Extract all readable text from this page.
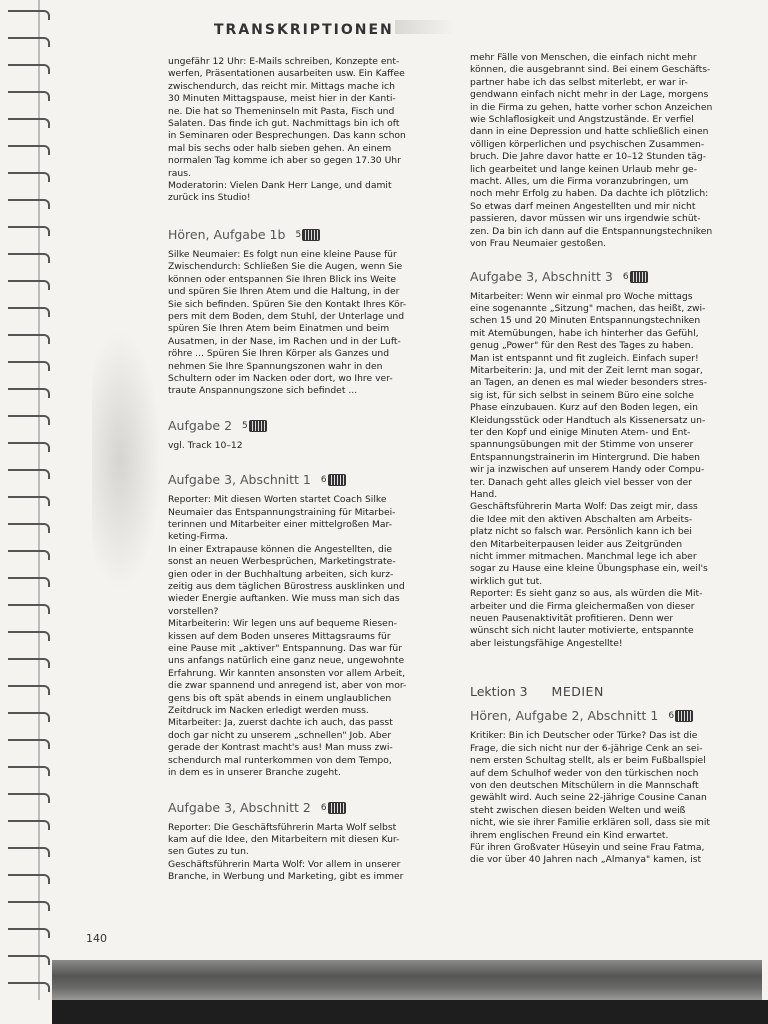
TRANSKRIPTIONEN

ungefähr 12 Uhr: E-Mails schreiben, Konzepte ent-

werfen, Präsentationen ausarbeiten usw. Ein Kaffee

zwischendurch, das reicht mir. Mittags mache ich

30 Minuten Mittagspause, meist hier in der Kanti-

ne. Die hat so Themeninseln mit Pasta, Fisch und

Salaten. Das finde ich gut. Nachmittags bin ich oft

in Seminaren oder Besprechungen. Das kann schon

mal bis sechs oder halb sieben gehen. An einem

normalen Tag komme ich aber so gegen 17.30 Uhr

raus.

Moderatorin: Vielen Dank Herr Lange, und damit

zurück ins Studio!

Hören, Aufgabe 1b 5

Silke Neumaier: Es folgt nun eine kleine Pause für

Zwischendurch: Schließen Sie die Augen, wenn Sie

können oder entspannen Sie Ihren Blick ins Weite

und spüren Sie Ihren Atem und die Haltung, in der

Sie sich befinden. Spüren Sie den Kontakt Ihres Kör-

pers mit dem Boden, dem Stuhl, der Unterlage und

spüren Sie Ihren Atem beim Einatmen und beim

Ausatmen, in der Nase, im Rachen und in der Luft-

röhre ... Spüren Sie Ihren Körper als Ganzes und

nehmen Sie Ihre Spannungszonen wahr in den

Schultern oder im Nacken oder dort, wo Ihre ver-

traute Anspannungszone sich befindet ...

Aufgabe 2 5

vgl. Track 10–12

Aufgabe 3, Abschnitt 1 6

Reporter: Mit diesen Worten startet Coach Silke

Neumaier das Entspannungstraining für Mitarbei-

terinnen und Mitarbeiter einer mittelgroßen Mar-

keting-Firma.

In einer Extrapause können die Angestellten, die

sonst an neuen Werbesprüchen, Marketingstrate-

gien oder in der Buchhaltung arbeiten, sich kurz-

zeitig aus dem täglichen Bürostress ausklinken und

wieder Energie auftanken. Wie muss man sich das

vorstellen?

Mitarbeiterin: Wir legen uns auf bequeme Riesen-

kissen auf dem Boden unseres Mittagsraums für

eine Pause mit „aktiver" Entspannung. Das war für

uns anfangs natürlich eine ganz neue, ungewohnte

Erfahrung. Wir kannten ansonsten vor allem Arbeit,

die zwar spannend und anregend ist, aber von mor-

gens bis oft spät abends in einem unglaublichen

Zeitdruck im Nacken erledigt werden muss.

Mitarbeiter: Ja, zuerst dachte ich auch, das passt

doch gar nicht zu unserem „schnellen" Job. Aber

gerade der Kontrast macht's aus! Man muss zwi-

schendurch mal runterkommen von dem Tempo,

in dem es in unserer Branche zugeht.

Aufgabe 3, Abschnitt 2 6

Reporter: Die Geschäftsführerin Marta Wolf selbst

kam auf die Idee, den Mitarbeitern mit diesen Kur-

sen Gutes zu tun.

Geschäftsführerin Marta Wolf: Vor allem in unserer

Branche, in Werbung und Marketing, gibt es immer

mehr Fälle von Menschen, die einfach nicht mehr

können, die ausgebrannt sind. Bei einem Geschäfts-

partner habe ich das selbst miterlebt, er war ir-

gendwann einfach nicht mehr in der Lage, morgens

in die Firma zu gehen, hatte vorher schon Anzeichen

wie Schlaflosigkeit und Angstzustände. Er verfiel

dann in eine Depression und hatte schließlich einen

völligen körperlichen und psychischen Zusammen-

bruch. Die Jahre davor hatte er 10–12 Stunden täg-

lich gearbeitet und lange keinen Urlaub mehr ge-

macht. Alles, um die Firma voranzubringen, um

noch mehr Erfolg zu haben. Da dachte ich plötzlich:

So etwas darf meinen Angestellten und mir nicht

passieren, davor müssen wir uns irgendwie schüt-

zen. Da bin ich dann auf die Entspannungstechniken

von Frau Neumaier gestoßen.

Aufgabe 3, Abschnitt 3 6

Mitarbeiter: Wenn wir einmal pro Woche mittags

eine sogenannte „Sitzung" machen, das heißt, zwi-

schen 15 und 20 Minuten Entspannungstechniken

mit Atemübungen, habe ich hinterher das Gefühl,

genug „Power" für den Rest des Tages zu haben.

Man ist entspannt und fit zugleich. Einfach super!

Mitarbeiterin: Ja, und mit der Zeit lernt man sogar,

an Tagen, an denen es mal wieder besonders stres-

sig ist, für sich selbst in seinem Büro eine solche

Phase einzubauen. Kurz auf den Boden legen, ein

Kleidungsstück oder Handtuch als Kissenersatz un-

ter den Kopf und einige Minuten Atem- und Ent-

spannungsübungen mit der Stimme von unserer

Entspannungstrainerin im Hintergrund. Die haben

wir ja inzwischen auf unserem Handy oder Compu-

ter. Danach geht alles gleich viel besser von der

Hand.

Geschäftsführerin Marta Wolf: Das zeigt mir, dass

die Idee mit den aktiven Abschalten am Arbeits-

platz nicht so falsch war. Persönlich kann ich bei

den Mitarbeiterpausen leider aus Zeitgründen

nicht immer mitmachen. Manchmal lege ich aber

sogar zu Hause eine kleine Übungsphase ein, weil's

wirklich gut tut.

Reporter: Es sieht ganz so aus, als würden die Mit-

arbeiter und die Firma gleichermaßen von dieser

neuen Pausenaktivität profitieren. Denn wer

wünscht sich nicht lauter motivierte, entspannte

aber leistungsfähige Angestellte!

Lektion 3 MEDIEN
Hören, Aufgabe 2, Abschnitt 1 6

Kritiker: Bin ich Deutscher oder Türke? Das ist die

Frage, die sich nicht nur der 6-jährige Cenk an sei-

nem ersten Schultag stellt, als er beim Fußballspiel

auf dem Schulhof weder von den türkischen noch

von den deutschen Mitschülern in die Mannschaft

gewählt wird. Auch seine 22-jährige Cousine Canan

steht zwischen diesen beiden Welten und weiß

nicht, wie sie ihrer Familie erklären soll, dass sie mit

ihrem englischen Freund ein Kind erwartet.

Für ihren Großvater Hüseyin und seine Frau Fatma,

die vor über 40 Jahren nach „Almanya" kamen, ist

140
